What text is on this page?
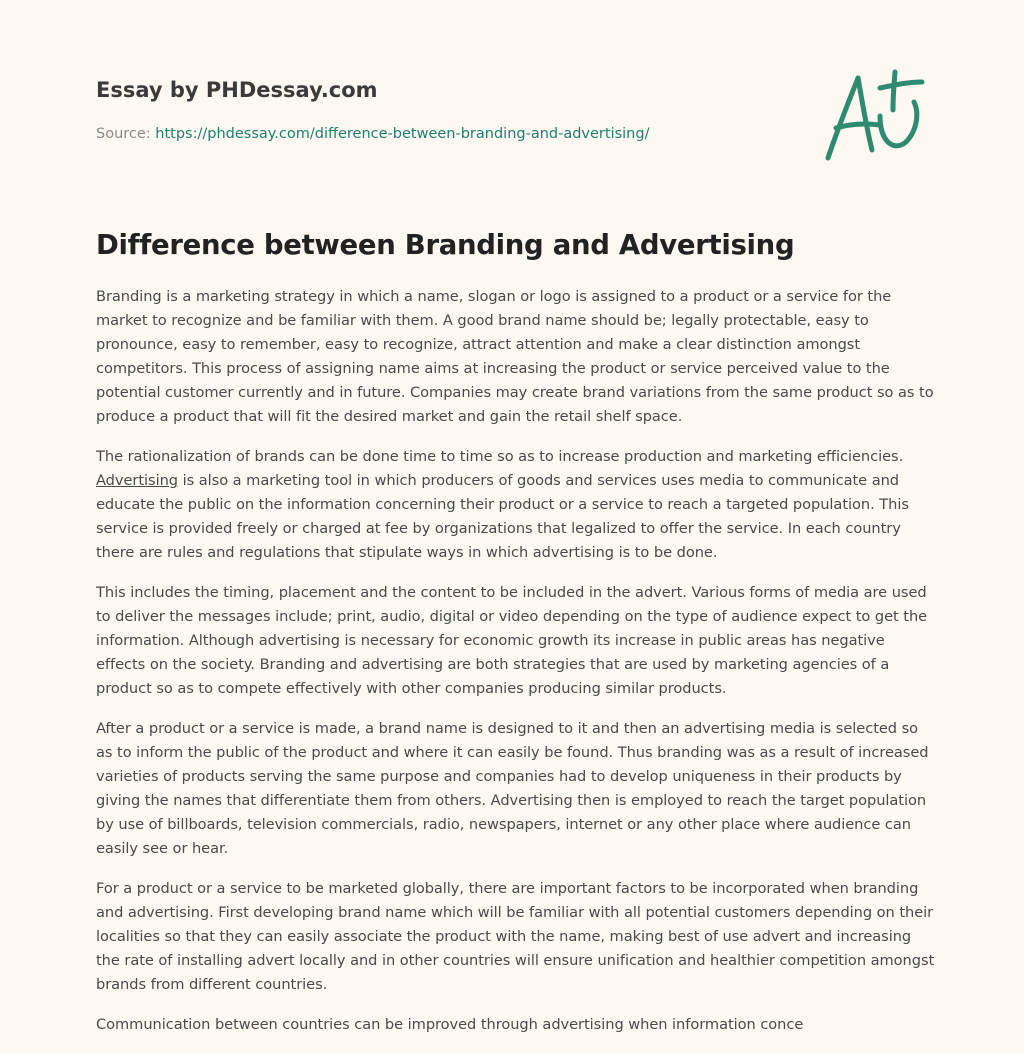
Essay by PHDessay.com
Source: https://phdessay.com/difference-between-branding-and-advertising/
Difference between Branding and Advertising

Branding is a marketing strategy in which a name, slogan or logo is assigned to a product or a service for the market to recognize and be familiar with them. A good brand name should be; legally protectable, easy to pronounce, easy to remember, easy to recognize, attract attention and make a clear distinction amongst competitors. This process of assigning name aims at increasing the product or service perceived value to the potential customer currently and in future. Companies may create brand variations from the same product so as to produce a product that will fit the desired market and gain the retail shelf space.

The rationalization of brands can be done time to time so as to increase production and marketing efficiencies. Advertising is also a marketing tool in which producers of goods and services uses media to communicate and educate the public on the information concerning their product or a service to reach a targeted population. This service is provided freely or charged at fee by organizations that legalized to offer the service. In each country there are rules and regulations that stipulate ways in which advertising is to be done.

This includes the timing, placement and the content to be included in the advert. Various forms of media are used to deliver the messages include; print, audio, digital or video depending on the type of audience expect to get the information. Although advertising is necessary for economic growth its increase in public areas has negative effects on the society. Branding and advertising are both strategies that are used by marketing agencies of a product so as to compete effectively with other companies producing similar products.

After a product or a service is made, a brand name is designed to it and then an advertising media is selected so as to inform the public of the product and where it can easily be found. Thus branding was as a result of increased varieties of products serving the same purpose and companies had to develop uniqueness in their products by giving the names that differentiate them from others. Advertising then is employed to reach the target population by use of billboards, television commercials, radio, newspapers, internet or any other place where audience can easily see or hear.

For a product or a service to be marketed globally, there are important factors to be incorporated when branding and advertising. First developing brand name which will be familiar with all potential customers depending on their localities so that they can easily associate the product with the name, making best of use advert and increasing the rate of installing advert locally and in other countries will ensure unification and healthier competition amongst brands from different countries.

Communication between countries can be improved through advertising when information conce
